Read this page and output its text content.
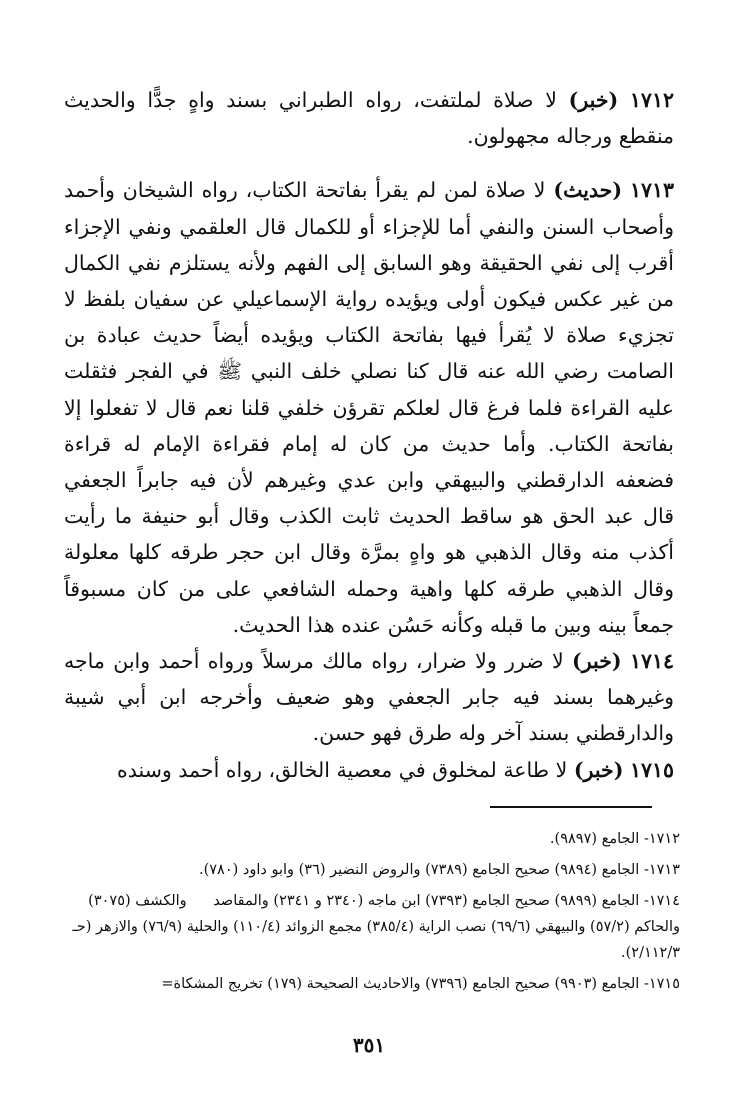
١٧١٢ (خبر) لا صلاة لملتفت، رواه الطبراني بسند واهٍ جدًّا والحديث منقطع ورجاله مجهولون.

١٧١٣ (حديث) لا صلاة لمن لم يقرأ بفاتحة الكتاب، رواه الشيخان وأحمد وأصحاب السنن والنفي أما للإجزاء أو للكمال قال العلقمي ونفي الإجزاء أقرب إلى نفي الحقيقة وهو السابق إلى الفهم ولأنه يستلزم نفي الكمال من غير عكس فيكون أولى ويؤيده رواية الإسماعيلي عن سفيان بلفظ لا تجزيء صلاة لا يُقرأ فيها بفاتحة الكتاب ويؤيده أيضاً حديث عبادة بن الصامت رضي الله عنه قال كنا نصلي خلف النبي ﷺ في الفجر فثقلت عليه القراءة فلما فرغ قال لعلكم تقرؤن خلفي قلنا نعم قال لا تفعلوا إلا بفاتحة الكتاب. وأما حديث من كان له إمام فقراءة الإمام له قراءة فضعفه الدارقطني والبيهقي وابن عدي وغيرهم لأن فيه جابراً الجعفي قال عبد الحق هو ساقط الحديث ثابت الكذب وقال أبو حنيفة ما رأيت أكذب منه وقال الذهبي هو واهٍ بمرَّة وقال ابن حجر طرقه كلها معلولة وقال الذهبي طرقه كلها واهية وحمله الشافعي على من كان مسبوقاً جمعاً بينه وبين ما قبله وكأنه حَسُن عنده هذا الحديث.

١٧١٤ (خبر) لا ضرر ولا ضرار، رواه مالك مرسلاً ورواه أحمد وابن ماجه وغيرهما بسند فيه جابر الجعفي وهو ضعيف وأخرجه ابن أبي شيبة والدارقطني بسند آخر وله طرق فهو حسن.

١٧١٥ (خبر) لا طاعة لمخلوق في معصية الخالق، رواه أحمد وسنده

١٧١٢- الجامع (٩٨٩٧).

١٧١٣- الجامع (٩٨٩٤) صحيح الجامع (٧٣٨٩) والروض النضير (٣٦) وابو داود (٧٨٠).

١٧١٤- الجامع (٩٨٩٩) صحيح الجامع (٧٣٩٣) ابن ماجه (٢٣٤٠ و ٢٣٤١) والمقاصد والكشف (٣٠٧٥) والحاكم (٥٧/٢) والبيهقي (٦٩/٦) نصب الراية (٣٨٥/٤) مجمع الزوائد (١١٠/٤) والحلية (٧٦/٩) والازهر (حـ ٢/١١٢/٣).

١٧١٥- الجامع (٩٩٠٣) صحيح الجامع (٧٣٩٦) والاحاديث الصحيحة (١٧٩) تخريج المشكاة=

٣٥١
